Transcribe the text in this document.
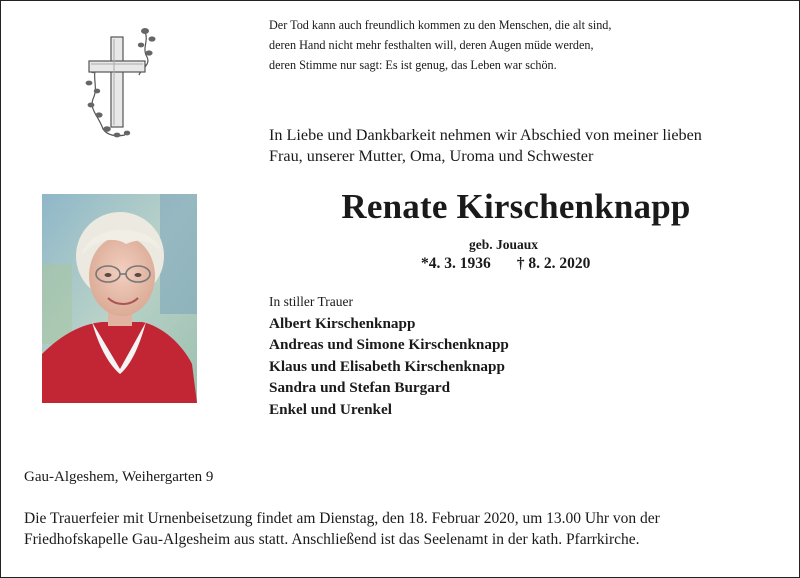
Der Tod kann auch freundlich kommen zu den Menschen, die alt sind,
deren Hand nicht mehr festhalten will, deren Augen müde werden,
deren Stimme nur sagt: Es ist genug, das Leben war schön.
In Liebe und Dankbarkeit nehmen wir Abschied von meiner lieben
Frau, unserer Mutter, Oma, Uroma und Schwester
Renate Kirschenknapp
geb. Jouaux
*4. 3. 1936 † 8. 2. 2020
In stiller Trauer
Albert Kirschenknapp
Andreas und Simone Kirschenknapp
Klaus und Elisabeth Kirschenknapp
Sandra und Stefan Burgard
Enkel und Urenkel
Gau-Algeshem, Weihergarten 9
Die Trauerfeier mit Urnenbeisetzung findet am Dienstag, den 18. Februar 2020, um 13.00 Uhr von der
Friedhofskapelle Gau-Algesheim aus statt. Anschließend ist das Seelenamt in der kath. Pfarrkirche.
